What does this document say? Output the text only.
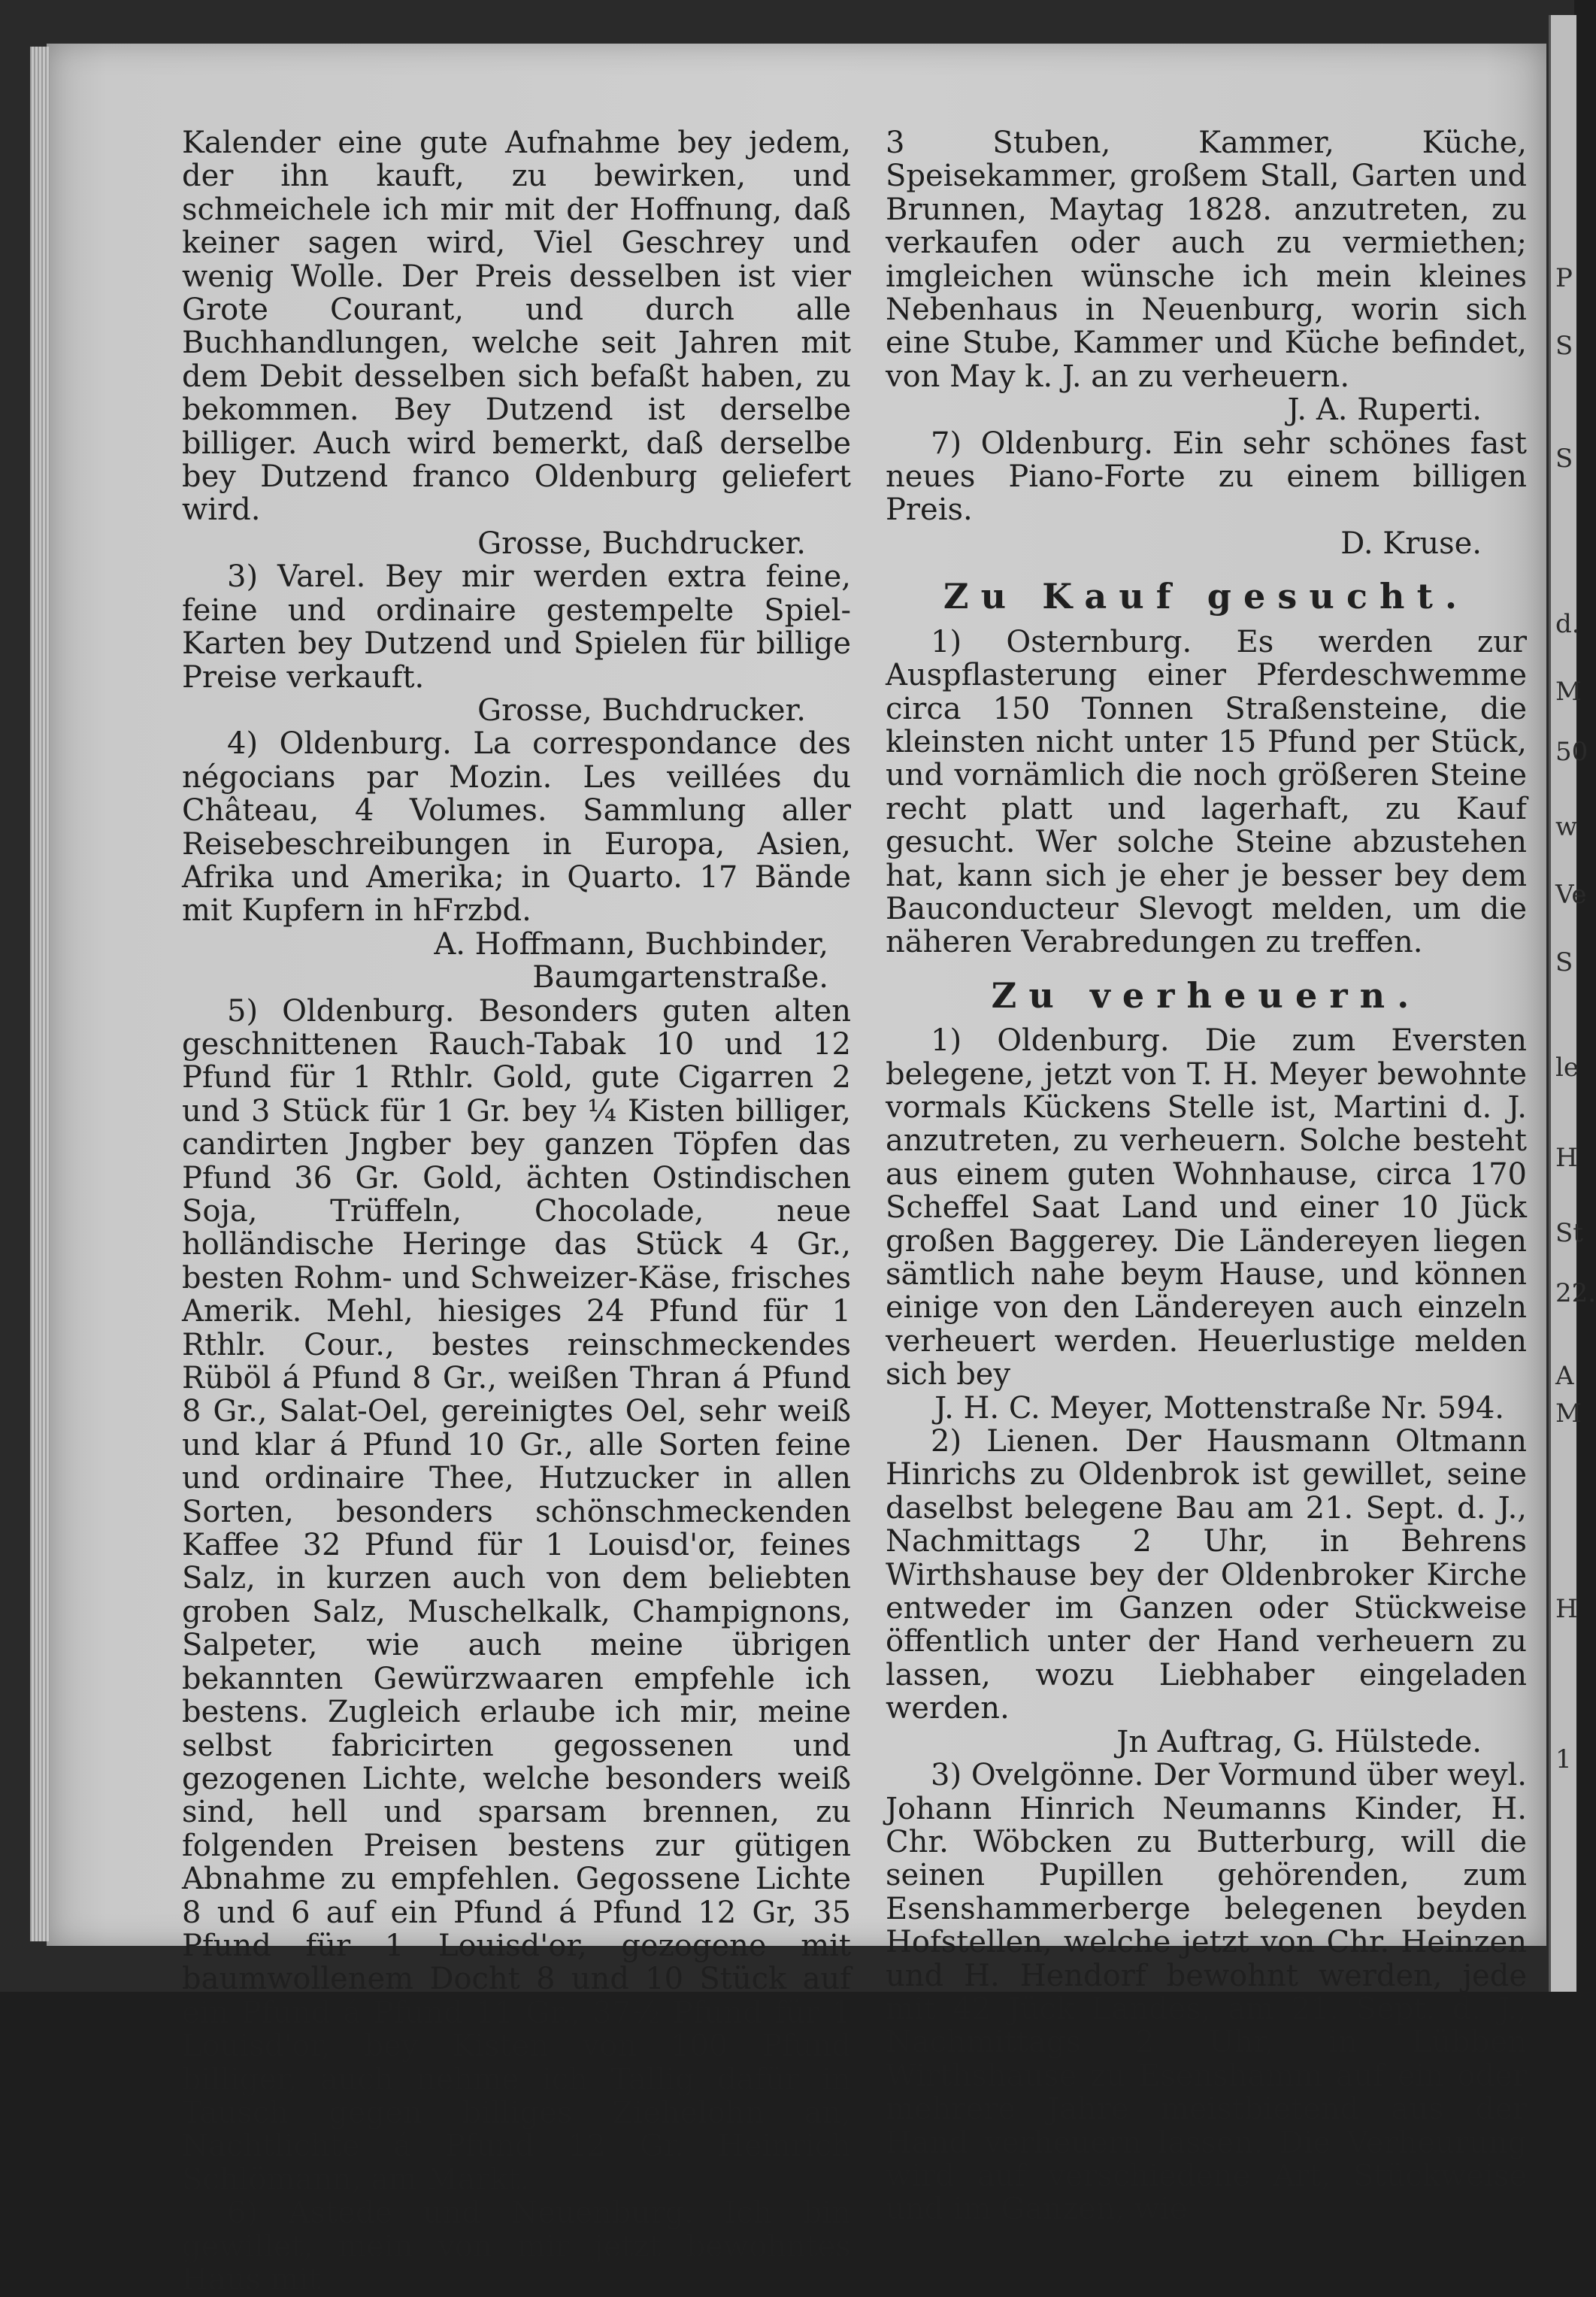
P
S
S
d.
M
50
w
Ve
S
le
H
St
22.
A
M
H
1

Kalender eine gute Aufnahme bey jedem, der ihn kauft, zu bewirken, und schmeichele ich mir mit der Hoffnung, daß keiner sagen wird, Viel Geschrey und wenig Wolle. Der Preis desselben ist vier Grote Courant, und durch alle Buchhandlungen, welche seit Jahren mit dem Debit desselben sich befaßt haben, zu bekommen. Bey Dutzend ist derselbe billiger. Auch wird bemerkt, daß derselbe bey Dutzend franco Oldenburg geliefert wird.

Grosse, Buchdrucker.

3) Varel. Bey mir werden extra feine, feine und ordinaire gestempelte Spiel-Karten bey Dutzend und Spielen für billige Preise verkauft.

Grosse, Buchdrucker.

4) Oldenburg. La correspondance des négocians par Mozin. Les veillées du Château, 4 Volumes. Sammlung aller Reisebeschreibungen in Europa, Asien, Afrika und Amerika; in Quarto. 17 Bände mit Kupfern in hFrzbd.

A. Hoffmann, Buchbinder, Baumgartenstraße.

5) Oldenburg. Besonders guten alten geschnittenen Rauch-Tabak 10 und 12 Pfund für 1 Rthlr. Gold, gute Cigarren 2 und 3 Stück für 1 Gr. bey ¼ Kisten billiger, candirten Jngber bey ganzen Töpfen das Pfund 36 Gr. Gold, ächten Ostindischen Soja, Trüffeln, Chocolade, neue holländische Heringe das Stück 4 Gr., besten Rohm- und Schweizer-Käse, frisches Amerik. Mehl, hiesiges 24 Pfund für 1 Rthlr. Cour., bestes reinschmeckendes Rüböl á Pfund 8 Gr., weißen Thran á Pfund 8 Gr., Salat-Oel, gereinigtes Oel, sehr weiß und klar á Pfund 10 Gr., alle Sorten feine und ordinaire Thee, Hutzucker in allen Sorten, besonders schönschmeckenden Kaffee 32 Pfund für 1 Louisd'or, feines Salz, in kurzen auch von dem beliebten groben Salz, Muschelkalk, Champignons, Salpeter, wie auch meine übrigen bekannten Gewürzwaaren empfehle ich bestens. Zugleich erlaube ich mir, meine selbst fabricirten gegossenen und gezogenen Lichte, welche besonders weiß sind, hell und sparsam brennen, zu folgenden Preisen bestens zur gütigen Abnahme zu empfehlen. Gegossene Lichte 8 und 6 auf ein Pfund á Pfund 12 Gr, 35 Pfund für 1 Louisd'or, gezogene mit baumwollenem Docht 8 und 10 Stück auf ein Pfund á Pfund 11 Gr., 37½ Pfund für 1 Louisd'or, bey Kisten von 100 Pfund billiger, auch nehme ich Tallig dafür in Tausch gegen billiges Ziehelohn an, Nachtlichte á Pfund 12 Gr. Heinrich Schlömann, am Markt.

6) Astede und Neuenburg. Ich bin gewillet, mein von mir jetzt bewohntes Haus mit

3 Stuben, Kammer, Küche, Speisekammer, großem Stall, Garten und Brunnen, Maytag 1828. anzutreten, zu verkaufen oder auch zu vermiethen; imgleichen wünsche ich mein kleines Nebenhaus in Neuenburg, worin sich eine Stube, Kammer und Küche befindet, von May k. J. an zu verheuern.

J. A. Ruperti.

7) Oldenburg. Ein sehr schönes fast neues Piano-Forte zu einem billigen Preis.

D. Kruse.

Zu Kauf gesucht.

1) Osternburg. Es werden zur Auspflasterung einer Pferdeschwemme circa 150 Tonnen Straßensteine, die kleinsten nicht unter 15 Pfund per Stück, und vornämlich die noch größeren Steine recht platt und lagerhaft, zu Kauf gesucht. Wer solche Steine abzustehen hat, kann sich je eher je besser bey dem Bauconducteur Slevogt melden, um die näheren Verabredungen zu treffen.

Zu verheuern.

1) Oldenburg. Die zum Eversten belegene, jetzt von T. H. Meyer bewohnte vormals Kückens Stelle ist, Martini d. J. anzutreten, zu verheuern. Solche besteht aus einem guten Wohnhause, circa 170 Scheffel Saat Land und einer 10 Jück großen Baggerey. Die Ländereyen liegen sämtlich nahe beym Hause, und können einige von den Ländereyen auch einzeln verheuert werden. Heuerlustige melden sich bey

J. H. C. Meyer, Mottenstraße Nr. 594.

2) Lienen. Der Hausmann Oltmann Hinrichs zu Oldenbrok ist gewillet, seine daselbst belegene Bau am 21. Sept. d. J., Nachmittags 2 Uhr, in Behrens Wirthshause bey der Oldenbroker Kirche entweder im Ganzen oder Stückweise öffentlich unter der Hand verheuern zu lassen, wozu Liebhaber eingeladen werden.

Jn Auftrag, G. Hülstede.

3) Ovelgönne. Der Vormund über weyl. Johann Hinrich Neumanns Kinder, H. Chr. Wöbcken zu Butterburg, will die seinen Pupillen gehörenden, zum Esenshammerberge belegenen beyden Hofstellen, welche jetzt von Chr. Heinzen und H. Hendorf bewohnt werden, jede mit 42 Jück Landes, am 21. Sept. d. J., Nachmittags 2 Uhr, in Lübben Wirthshause zu Esenshamm auf ein oder mehrere Jahre meistbietend aus der Hand verheuern lassen. Die Verheurung wird auf verschiedene Art, Stückweise und im Ganzen, wie
